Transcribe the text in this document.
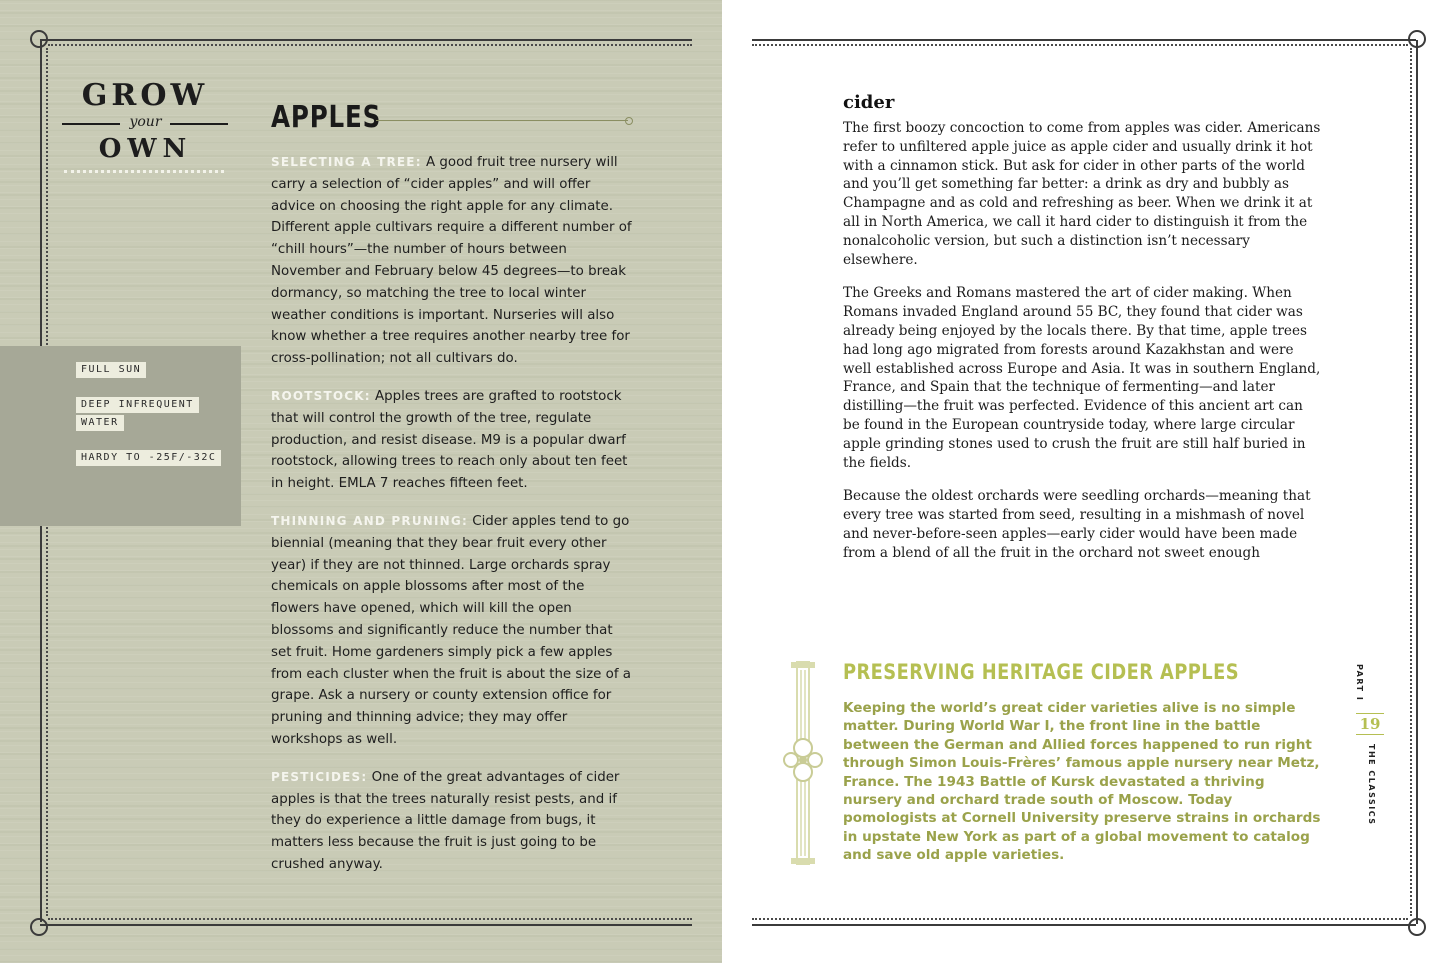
GROW
your
OWN
APPLES
FULL SUN
DEEP INFREQUENT
WATER
HARDY TO -25F/-32C

SELECTING A TREE: A good fruit tree nursery will carry a selection of “cider apples” and will offer advice on choosing the right apple for any climate. Different apple cultivars require a different number of “chill hours”—the number of hours between November and February below 45 degrees—to break dormancy, so matching the tree to local winter weather conditions is important. Nurseries will also know whether a tree requires another nearby tree for cross-pollination; not all cultivars do.

ROOTSTOCK: Apples trees are grafted to rootstock that will control the growth of the tree, regulate production, and resist disease. M9 is a popular dwarf rootstock, allowing trees to reach only about ten feet in height. EMLA 7 reaches fifteen feet.

THINNING AND PRUNING: Cider apples tend to go biennial (meaning that they bear fruit every other year) if they are not thinned. Large orchards spray chemicals on apple blossoms after most of the flowers have opened, which will kill the open blossoms and significantly reduce the number that set fruit. Home gardeners simply pick a few apples from each cluster when the fruit is about the size of a grape. Ask a nursery or county extension office for pruning and thinning advice; they may offer workshops as well.

PESTICIDES: One of the great advantages of cider apples is that the trees naturally resist pests, and if they do experience a little damage from bugs, it matters less because the fruit is just going to be crushed anyway.

cider

The first boozy concoction to come from apples was cider. Americans refer to unfiltered apple juice as apple cider and usually drink it hot with a cinnamon stick. But ask for cider in other parts of the world and you’ll get something far better: a drink as dry and bubbly as Champagne and as cold and refreshing as beer. When we drink it at all in North America, we call it hard cider to distinguish it from the nonalcoholic version, but such a distinction isn’t necessary elsewhere.

The Greeks and Romans mastered the art of cider making. When Romans invaded England around 55 BC, they found that cider was already being enjoyed by the locals there. By that time, apple trees had long ago migrated from forests around Kazakhstan and were well established across Europe and Asia. It was in southern England, France, and Spain that the technique of fermenting—and later distilling—the fruit was perfected. Evidence of this ancient art can be found in the European countryside today, where large circular apple grinding stones used to crush the fruit are still half buried in the fields.

Because the oldest orchards were seedling orchards—meaning that every tree was started from seed, resulting in a mishmash of novel and never-before-seen apples—early cider would have been made from a blend of all the fruit in the orchard not sweet enough

PRESERVING HERITAGE CIDER APPLES
Keeping the world’s great cider varieties alive is no simple matter. During World War I, the front line in the battle between the German and Allied forces happened to run right through Simon Louis-Frères’ famous apple nursery near Metz, France. The 1943 Battle of Kursk devastated a thriving nursery and orchard trade south of Moscow. Today pomologists at Cornell University preserve strains in orchards in upstate New York as part of a global movement to catalog and save old apple varieties.
PART I
19
THE CLASSICS
